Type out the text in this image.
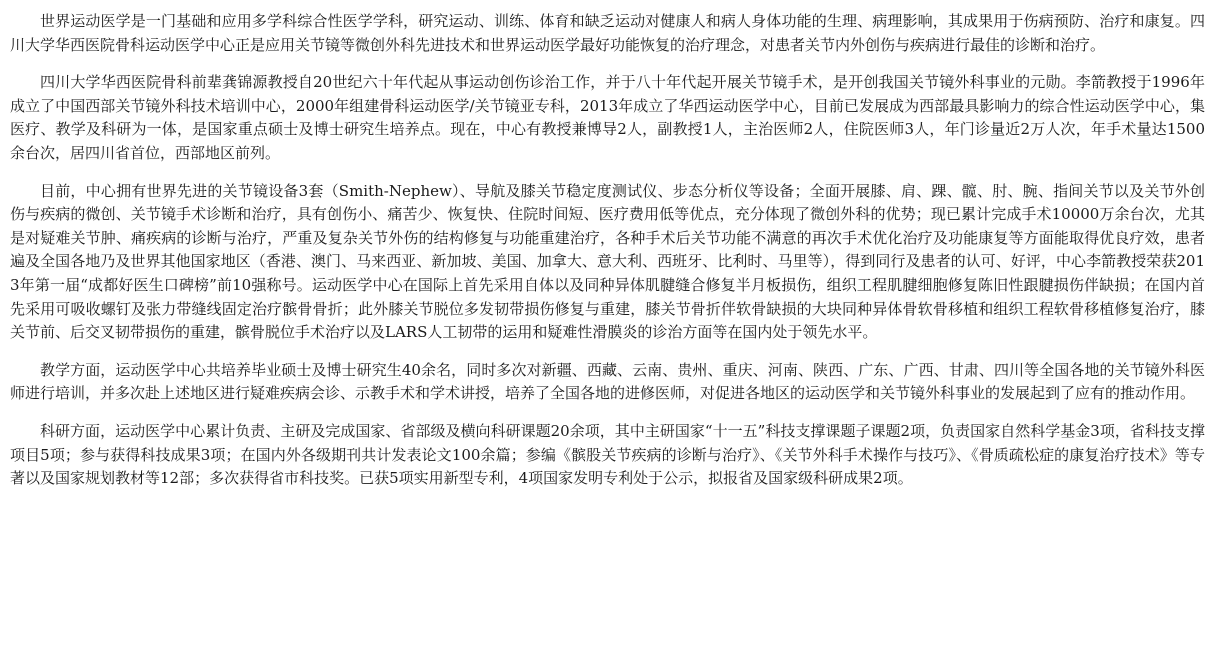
世界运动医学是一门基础和应用多学科综合性医学学科，研究运动、训练、体育和缺乏运动对健康人和病人身体功能的生理、病理影响，其成果用于伤病预防、治疗和康复。四川大学华西医院骨科运动医学中心正是应用关节镜等微创外科先进技术和世界运动医学最好功能恢复的治疗理念，对患者关节内外创伤与疾病进行最佳的诊断和治疗。

四川大学华西医院骨科前辈龚锦源教授自20世纪六十年代起从事运动创伤诊治工作，并于八十年代起开展关节镜手术，是开创我国关节镜外科事业的元勋。李箭教授于1996年成立了中国西部关节镜外科技术培训中心，2000年组建骨科运动医学/关节镜亚专科，2013年成立了华西运动医学中心，目前已发展成为西部最具影响力的综合性运动医学中心，集医疗、教学及科研为一体，是国家重点硕士及博士研究生培养点。现在，中心有教授兼博导2人，副教授1人，主治医师2人，住院医师3人，年门诊量近2万人次，年手术量达1500余台次，居四川省首位，西部地区前列。

目前，中心拥有世界先进的关节镜设备3套（Smith-Nephew）、导航及膝关节稳定度测试仪、步态分析仪等设备；全面开展膝、肩、踝、髋、肘、腕、指间关节以及关节外创伤与疾病的微创、关节镜手术诊断和治疗，具有创伤小、痛苦少、恢复快、住院时间短、医疗费用低等优点，充分体现了微创外科的优势；现已累计完成手术10000万余台次，尤其是对疑难关节肿、痛疾病的诊断与治疗，严重及复杂关节外伤的结构修复与功能重建治疗，各种手术后关节功能不满意的再次手术优化治疗及功能康复等方面能取得优良疗效，患者遍及全国各地乃及世界其他国家地区（香港、澳门、马来西亚、新加坡、美国、加拿大、意大利、西班牙、比利时、马里等），得到同行及患者的认可、好评，中心李箭教授荣获2013年第一届“成都好医生口碑榜”前10强称号。运动医学中心在国际上首先采用自体以及同种异体肌腱缝合修复半月板损伤，组织工程肌腱细胞修复陈旧性跟腱损伤伴缺损；在国内首先采用可吸收螺钉及张力带缝线固定治疗髌骨骨折；此外膝关节脱位多发韧带损伤修复与重建，膝关节骨折伴软骨缺损的大块同种异体骨软骨移植和组织工程软骨移植修复治疗，膝关节前、后交叉韧带损伤的重建，髌骨脱位手术治疗以及LARS人工韧带的运用和疑难性滑膜炎的诊治方面等在国内处于领先水平。

教学方面，运动医学中心共培养毕业硕士及博士研究生40余名，同时多次对新疆、西藏、云南、贵州、重庆、河南、陕西、广东、广西、甘肃、四川等全国各地的关节镜外科医师进行培训，并多次赴上述地区进行疑难疾病会诊、示教手术和学术讲授，培养了全国各地的进修医师，对促进各地区的运动医学和关节镜外科事业的发展起到了应有的推动作用。

科研方面，运动医学中心累计负责、主研及完成国家、省部级及横向科研课题20余项，其中主研国家“十一五”科技支撑课题子课题2项，负责国家自然科学基金3项，省科技支撑项目5项；参与获得科技成果3项；在国内外各级期刊共计发表论文100余篇；参编《髌股关节疾病的诊断与治疗》、《关节外科手术操作与技巧》、《骨质疏松症的康复治疗技术》等专著以及国家规划教材等12部；多次获得省市科技奖。已获5项实用新型专利，4项国家发明专利处于公示，拟报省及国家级科研成果2项。
